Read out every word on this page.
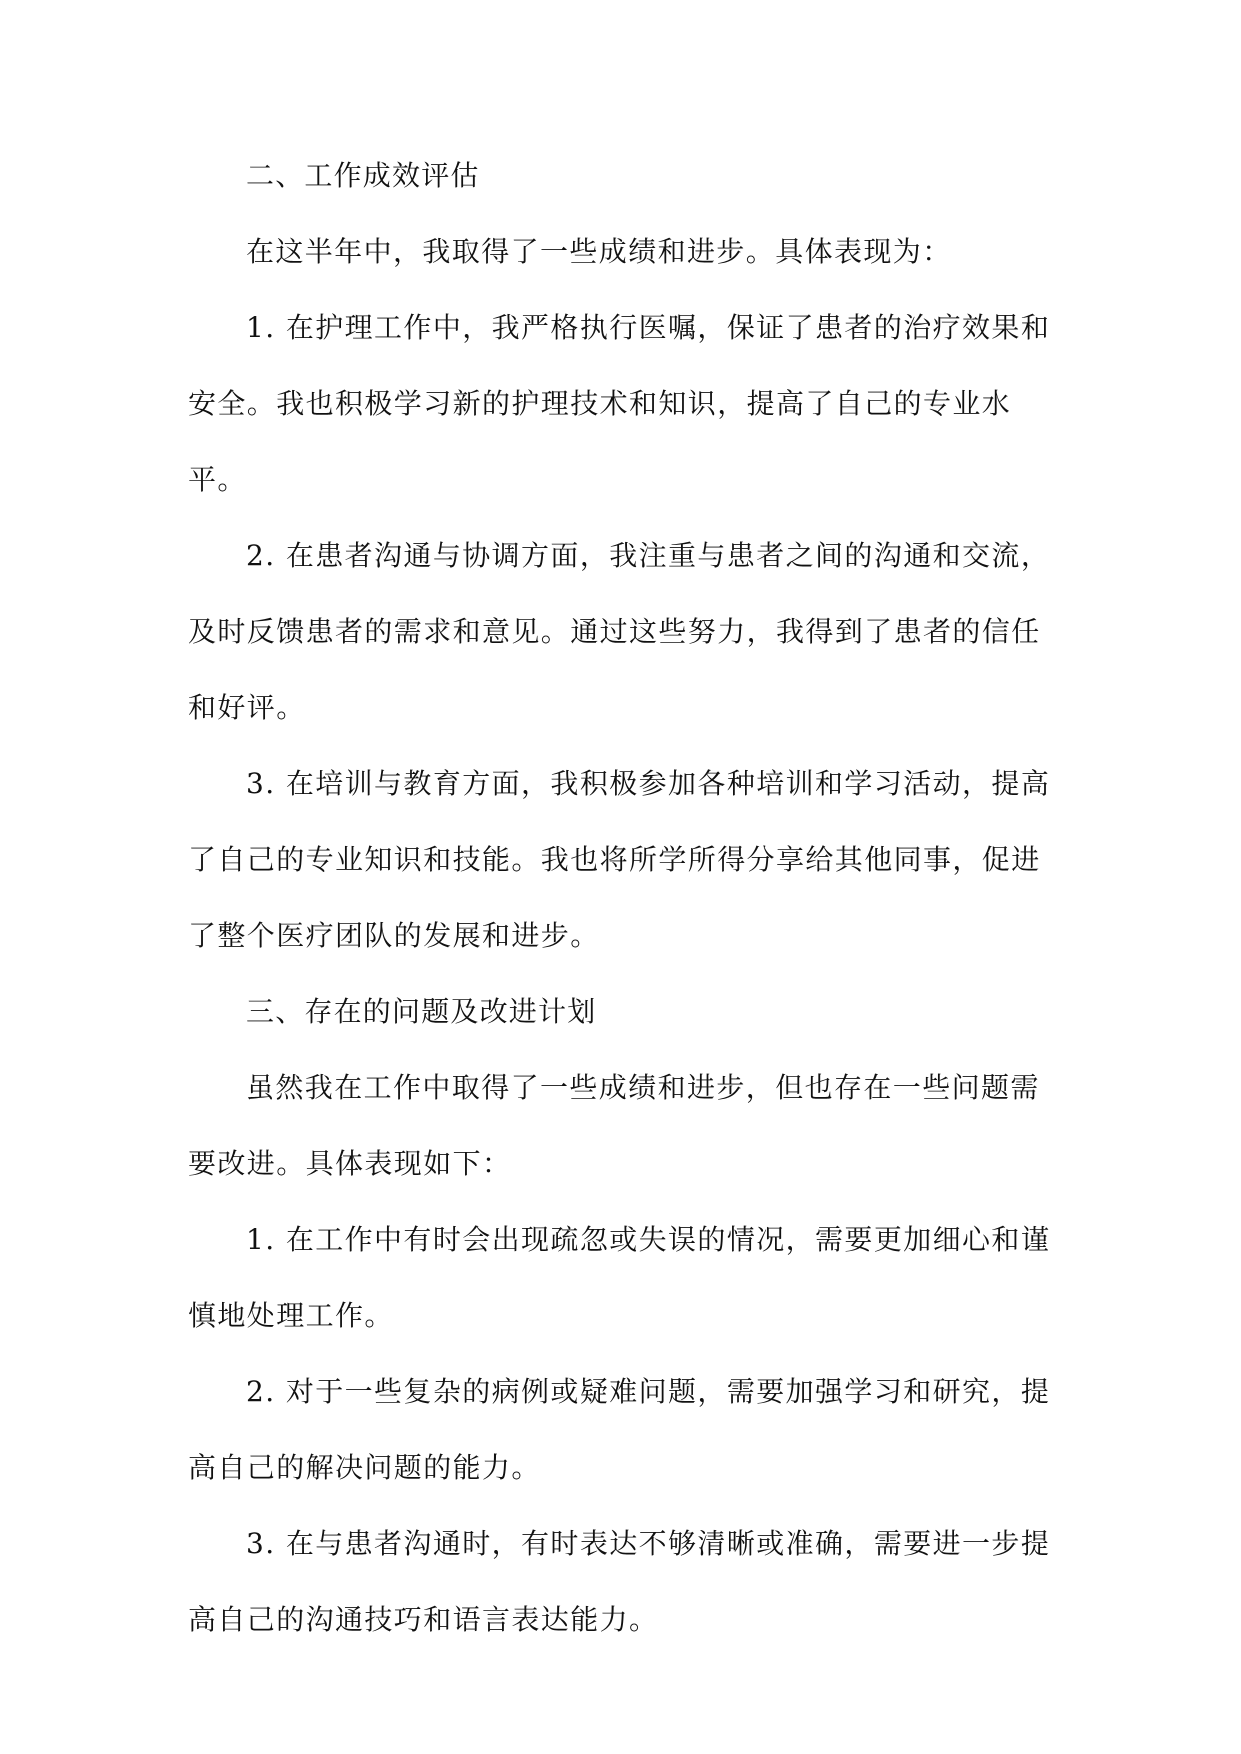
二、工作成效评估

在这半年中，我取得了一些成绩和进步。具体表现为：

1. 在护理工作中，我严格执行医嘱，保证了患者的治疗效果和安全。我也积极学习新的护理技术和知识，提高了自己的专业水平。

2. 在患者沟通与协调方面，我注重与患者之间的沟通和交流，及时反馈患者的需求和意见。通过这些努力，我得到了患者的信任和好评。

3. 在培训与教育方面，我积极参加各种培训和学习活动，提高了自己的专业知识和技能。我也将所学所得分享给其他同事，促进了整个医疗团队的发展和进步。

三、存在的问题及改进计划

虽然我在工作中取得了一些成绩和进步，但也存在一些问题需要改进。具体表现如下：

1. 在工作中有时会出现疏忽或失误的情况，需要更加细心和谨慎地处理工作。

2. 对于一些复杂的病例或疑难问题，需要加强学习和研究，提高自己的解决问题的能力。

3. 在与患者沟通时，有时表达不够清晰或准确，需要进一步提高自己的沟通技巧和语言表达能力。
